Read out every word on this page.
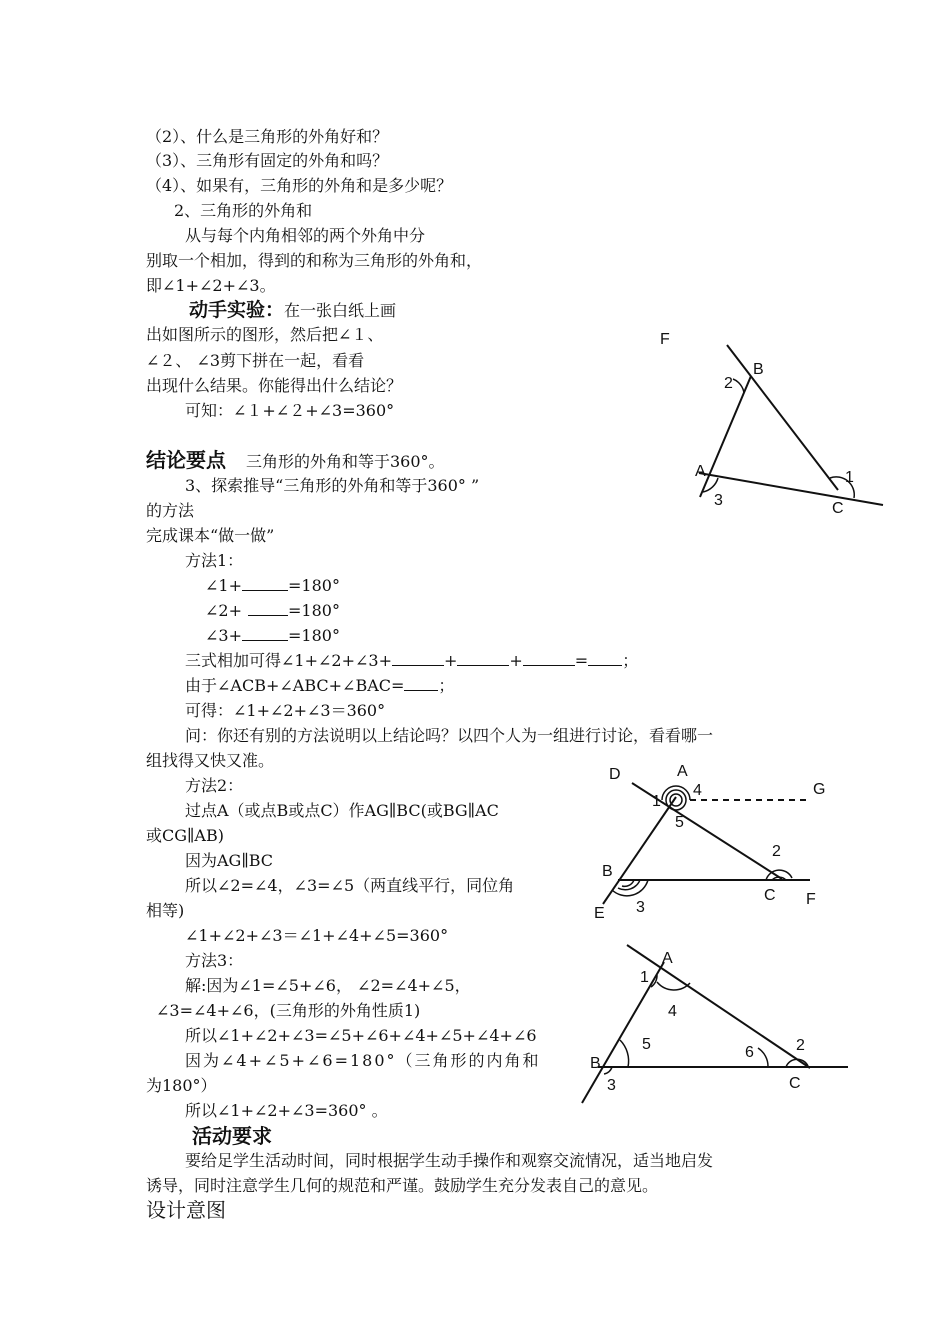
（2）、什么是三角形的外角好和？
（3）、三角形有固定的外角和吗？
（4）、如果有，三角形的外角和是多少呢？
2、三角形的外角和
从与每个内角相邻的两个外角中分
别取一个相加，得到的和称为三角形的外角和，
即∠1+∠2+∠3。
动手实验：在一张白纸上画
出如图所示的图形，然后把∠１、
∠２、 ∠3剪下拼在一起，看看
出现什么结果。你能得出什么结论？
可知：∠１+∠２+∠3=360°
结论要点 三角形的外角和等于360°。
3、探索推导“三角形的外角和等于360° ”
的方法
完成课本“做一做”
方法1：
∠1+	=180°
∠2+	=180°
∠3+	=180°
三式相加可得∠1+∠2+∠3+	+	+	= ；
由于∠ACB+∠ABC+∠BAC= ；
可得：∠1+∠2+∠3＝360°
问：你还有别的方法说明以上结论吗？以四个人为一组进行讨论，看看哪一
组找得又快又准。
方法2：
过点A（或点B或点C）作AG∥BC(或BG∥AC
或CG∥AB)
因为AG∥BC
所以∠2=∠4，∠3=∠5（两直线平行，同位角
相等)
∠1+∠2+∠3＝∠1+∠4+∠5=360°
方法3：
解:因为∠1=∠5+∠6， ∠2=∠4+∠5，
∠3=∠4+∠6，(三角形的外角性质1)
所以∠1+∠2+∠3=∠5+∠6+∠4+∠5+∠4+∠6
因为∠4+∠5+∠6=180°（三角形的内角和
为180°）
所以∠1+∠2+∠3=360° 。
活动要求
要给足学生活动时间，同时根据学生动手操作和观察交流情况，适当地启发
诱导，同时注意学生几何的规范和严谨。鼓励学生充分发表自己的意见。
设计意图
F
B
2
A	1
3	C
D	A
G
1
4
5
2
B
C F
3
E
A
1
4
5	6	2
B
3	C
